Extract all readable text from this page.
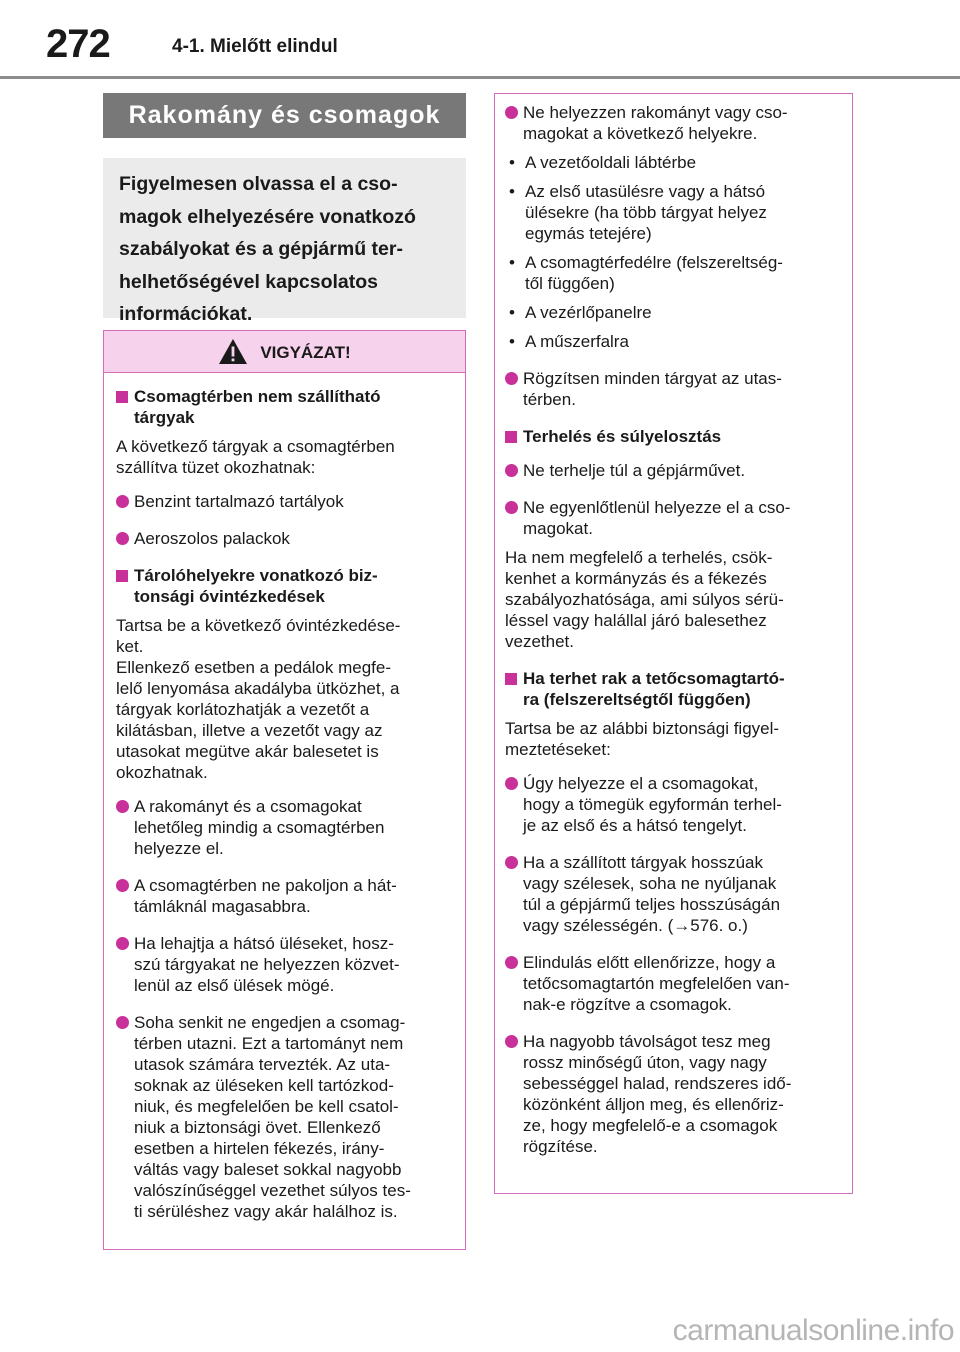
272	4-1. Mielőtt elindul
Rakomány és csomagok
Figyelmesen olvassa el a cso-
magok elhelyezésére vonatkozó
szabályokat és a gépjármű ter-
helhetőségével kapcsolatos
információkat.
VIGYÁZAT!
Csomagtérben nem szállítható
tárgyak
A következő tárgyak a csomagtérben
szállítva tüzet okozhatnak:
Benzint tartalmazó tartályok
Aeroszolos palackok
Tárolóhelyekre vonatkozó biz-
tonsági óvintézkedések
Tartsa be a következő óvintézkedése-
ket.
Ellenkező esetben a pedálok megfe-
lelő lenyomása akadályba ütközhet, a
tárgyak korlátozhatják a vezetőt a
kilátásban, illetve a vezetőt vagy az
utasokat megütve akár balesetet is
okozhatnak.
A rakományt és a csomagokat
lehetőleg mindig a csomagtérben
helyezze el.
A csomagtérben ne pakoljon a hát-
támláknál magasabbra.
Ha lehajtja a hátsó üléseket, hosz-
szú tárgyakat ne helyezzen közvet-
lenül az első ülések mögé.
Soha senkit ne engedjen a csomag-
térben utazni. Ezt a tartományt nem
utasok számára tervezték. Az uta-
soknak az üléseken kell tartózkod-
niuk, és megfelelően be kell csatol-
niuk a biztonsági övet. Ellenkező
esetben a hirtelen fékezés, irány-
váltás vagy baleset sokkal nagyobb
valószínűséggel vezethet súlyos tes-
ti sérüléshez vagy akár halálhoz is.
Ne helyezzen rakományt vagy cso-
magokat a következő helyekre.
• A vezetőoldali lábtérbe
• Az első utasülésre vagy a hátsó
ülésekre (ha több tárgyat helyez
egymás tetejére)
• A csomagtérfedélre (felszereltség-
től függően)
• A vezérlőpanelre
• A műszerfalra
Rögzítsen minden tárgyat az utas-
térben.
Terhelés és súlyelosztás
Ne terhelje túl a gépjárművet.
Ne egyenlőtlenül helyezze el a cso-
magokat.
Ha nem megfelelő a terhelés, csök-
kenhet a kormányzás és a fékezés
szabályozhatósága, ami súlyos sérü-
léssel vagy halállal járó balesethez
vezethet.
Ha terhet rak a tetőcsomagtartó-
ra (felszereltségtől függően)
Tartsa be az alábbi biztonsági figyel-
meztetéseket:
Úgy helyezze el a csomagokat,
hogy a tömegük egyformán terhel-
je az első és a hátsó tengelyt.
Ha a szállított tárgyak hosszúak
vagy szélesek, soha ne nyúljanak
túl a gépjármű teljes hosszúságán
vagy szélességén. (→576. o.)
Elindulás előtt ellenőrizze, hogy a
tetőcsomagtartón megfelelően van-
nak-e rögzítve a csomagok.
Ha nagyobb távolságot tesz meg
rossz minőségű úton, vagy nagy
sebességgel halad, rendszeres idő-
közönként álljon meg, és ellenőriz-
ze, hogy megfelelő-e a csomagok
rögzítése.
carmanualsonline.info
